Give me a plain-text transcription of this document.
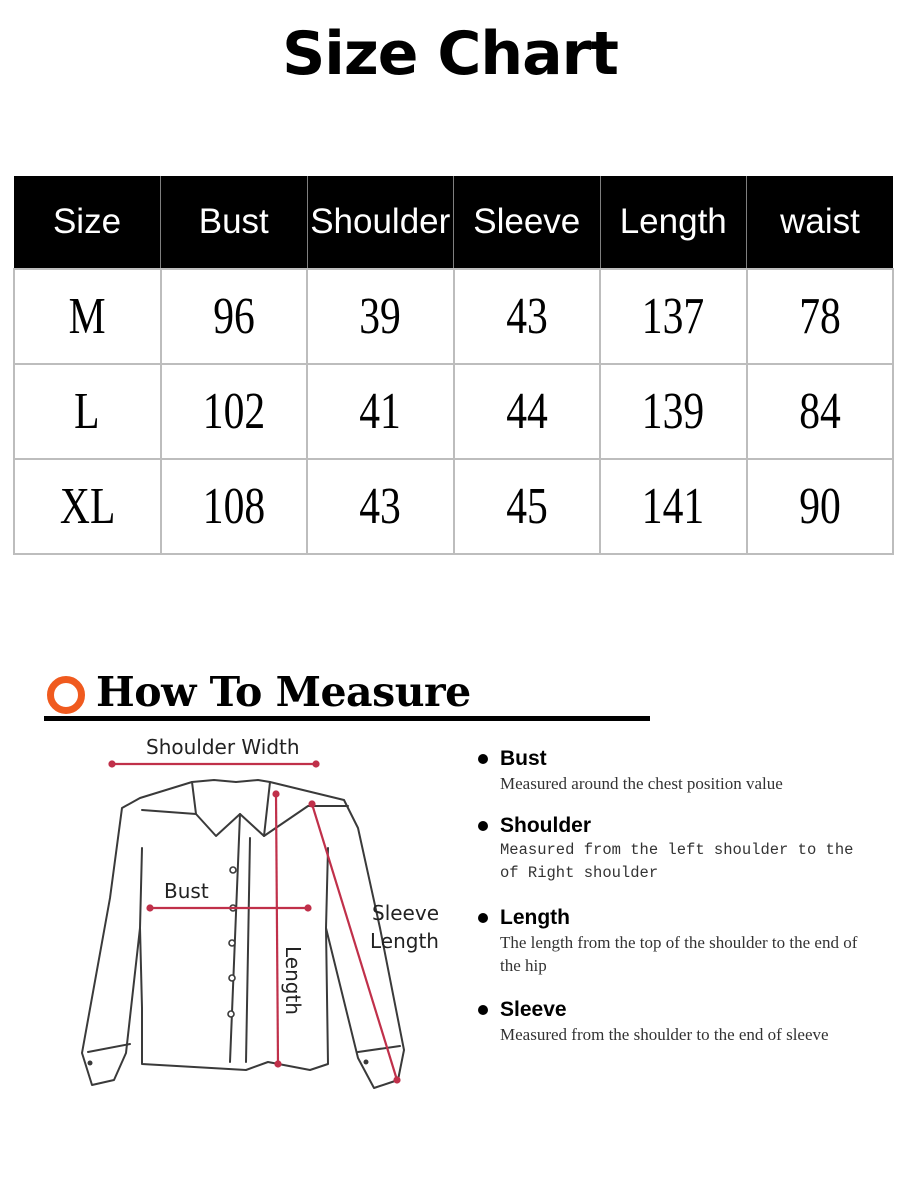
Size Chart
Size	Bust	Shoulder	Sleeve	Length	waist
M	96	39	43	137	78
L	102	41	44	139	84
XL	108	43	45	141	90
How To Measure
Shoulder Width
Bust
Sleeve
Length
Length
Bust
Measured around the chest position value
Shoulder
Measured from the left shoulder to the
of Right shoulder
Length
The length from the top of the shoulder to the end of the hip
Sleeve
Measured from the shoulder to the end of sleeve
